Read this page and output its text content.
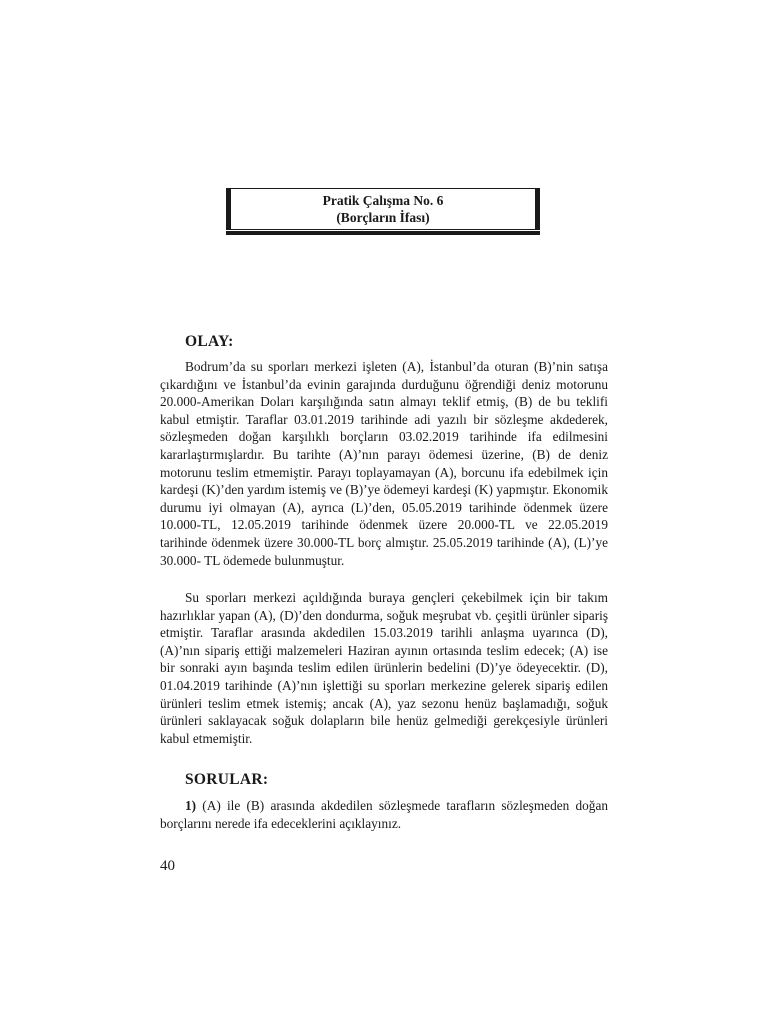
Pratik Çalışma No. 6
(Borçların İfası)
OLAY:

Bodrum’da su sporları merkezi işleten (A), İstanbul’da oturan (B)’nin satışa çıkardığını ve İstanbul’da evinin garajında durduğunu öğrendiği deniz motorunu 20.000-Amerikan Doları karşılığında satın almayı teklif etmiş, (B) de bu teklifi kabul etmiştir. Taraflar 03.01.2019 tarihinde adi yazılı bir sözleşme akdederek, sözleşmeden doğan karşılıklı borçların 03.02.2019 tarihinde ifa edilmesini kararlaştırmışlardır. Bu tarihte (A)’nın parayı ödemesi üzerine, (B) de deniz motorunu teslim etmemiştir. Parayı toplayamayan (A), borcunu ifa edebilmek için kardeşi (K)’den yardım istemiş ve (B)’ye ödemeyi kardeşi (K) yapmıştır. Ekonomik durumu iyi olmayan (A), ayrıca (L)’den, 05.05.2019 tarihinde ödenmek üzere 10.000-TL, 12.05.2019 tarihinde ödenmek üzere 20.000-TL ve 22.05.2019 tarihinde ödenmek üzere 30.000-TL borç almıştır. 25.05.2019 tarihinde (A), (L)’ye 30.000- TL ödemede bulunmuştur.

Su sporları merkezi açıldığında buraya gençleri çekebilmek için bir takım hazırlıklar yapan (A), (D)’den dondurma, soğuk meşrubat vb. çeşitli ürünler sipariş etmiştir. Taraflar arasında akdedilen 15.03.2019 tarihli anlaşma uyarınca (D), (A)’nın sipariş ettiği malzemeleri Haziran ayının ortasında teslim edecek; (A) ise bir sonraki ayın başında teslim edilen ürünlerin bedelini (D)’ye ödeyecektir. (D), 01.04.2019 tarihinde (A)’nın işlettiği su sporları merkezine gelerek sipariş edilen ürünleri teslim etmek istemiş; ancak (A), yaz sezonu henüz başlamadığı, soğuk ürünleri saklayacak soğuk dolapların bile henüz gelmediği gerekçesiyle ürünleri kabul etmemiştir.

SORULAR:

1) (A) ile (B) arasında akdedilen sözleşmede tarafların sözleşmeden doğan borçlarını nerede ifa edeceklerini açıklayınız.

40
